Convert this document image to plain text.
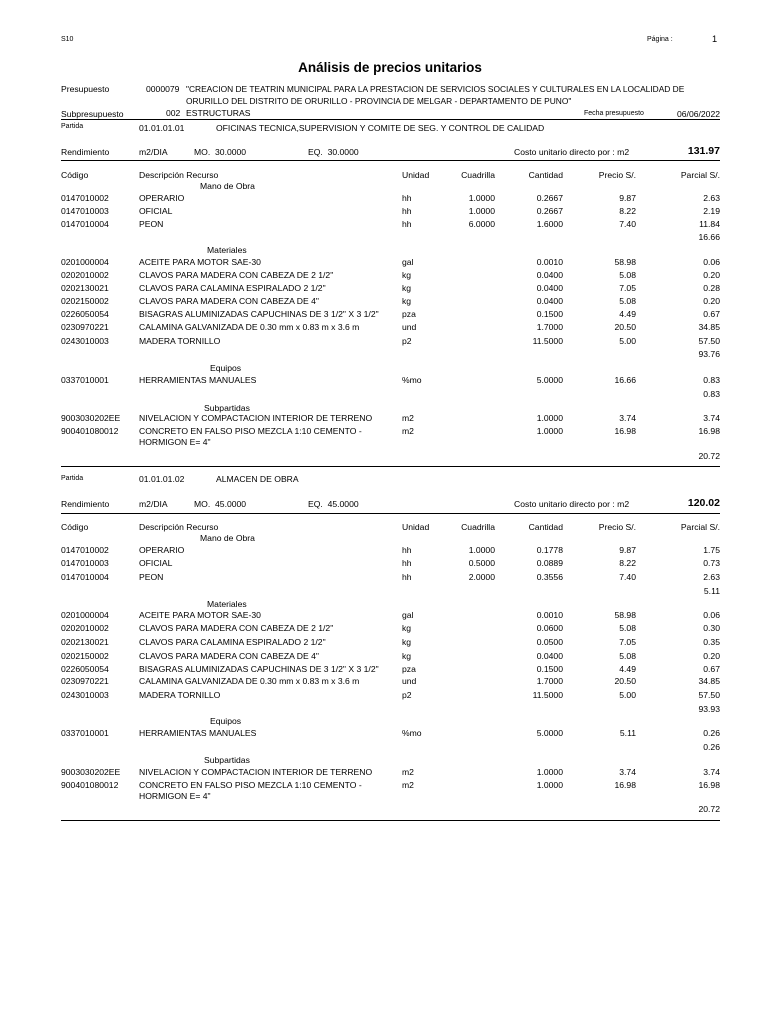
S10	Página :	1
Análisis de precios unitarios
Presupuesto	0000079 "CREACION DE TEATRIN MUNICIPAL PARA LA PRESTACION DE SERVICIOS SOCIALES Y CULTURALES EN LA LOCALIDAD DE
ORURILLO DEL DISTRITO DE ORURILLO - PROVINCIA DE MELGAR - DEPARTAMENTO DE PUNO"
Subpresupuesto	002 ESTRUCTURAS	Fecha presupuesto	06/06/2022
Partida	01.01.01.01	OFICINAS TECNICA,SUPERVISION Y COMITE DE SEG. Y CONTROL DE CALIDAD
Rendimiento	m2/DIA	MO.  30.0000	EQ.  30.0000	Costo unitario directo por : m2	131.97
Código	Descripción Recurso	Unidad	Cuadrilla	Cantidad	Precio S/.	Parcial S/.
Mano de Obra
0147010002	OPERARIO	hh	1.0000	0.2667	9.87	2.63
0147010003	OFICIAL	hh	1.0000	0.2667	8.22	2.19
0147010004	PEON	hh	6.0000	1.6000	7.40	11.84
16.66
Materiales
0201000004	ACEITE PARA MOTOR SAE-30	gal	0.0010	58.98	0.06
0202010002	CLAVOS PARA MADERA CON CABEZA DE 2 1/2"	kg	0.0400	5.08	0.20
0202130021	CLAVOS PARA CALAMINA ESPIRALADO 2 1/2"	kg	0.0400	7.05	0.28
0202150002	CLAVOS PARA MADERA CON CABEZA DE 4"	kg	0.0400	5.08	0.20
0226050054	BISAGRAS ALUMINIZADAS CAPUCHINAS DE 3 1/2" X 3 1/2"	pza	0.1500	4.49	0.67
0230970221	CALAMINA GALVANIZADA DE 0.30 mm x 0.83 m x 3.6 m	und	1.7000	20.50	34.85
0243010003	MADERA TORNILLO	p2	11.5000	5.00	57.50
93.76
Equipos
0337010001	HERRAMIENTAS MANUALES	%mo	5.0000	16.66	0.83
0.83
Subpartidas
9003030202EE NIVELACION Y COMPACTACION INTERIOR DE TERRENO	m2	1.0000	3.74	3.74
900401080012 CONCRETO EN FALSO PISO MEZCLA 1:10 CEMENTO -
HORMIGON E= 4"
m2	1.0000	16.98	16.98
20.72
Partida	01.01.01.02	ALMACEN DE OBRA
Rendimiento	m2/DIA	MO.  45.0000	EQ.  45.0000	Costo unitario directo por : m2	120.02
Código	Descripción Recurso	Unidad	Cuadrilla	Cantidad	Precio S/.	Parcial S/.
Mano de Obra
0147010002	OPERARIO	hh	1.0000	0.1778	9.87	1.75
0147010003	OFICIAL	hh	0.5000	0.0889	8.22	0.73
0147010004	PEON	hh	2.0000	0.3556	7.40	2.63
5.11
Materiales
0201000004	ACEITE PARA MOTOR SAE-30	gal	0.0010	58.98	0.06
0202010002	CLAVOS PARA MADERA CON CABEZA DE 2 1/2"	kg	0.0600	5.08	0.30
0202130021	CLAVOS PARA CALAMINA ESPIRALADO 2 1/2"	kg	0.0500	7.05	0.35
0202150002	CLAVOS PARA MADERA CON CABEZA DE 4"	kg	0.0400	5.08	0.20
0226050054	BISAGRAS ALUMINIZADAS CAPUCHINAS DE 3 1/2" X 3 1/2"	pza	0.1500	4.49	0.67
0230970221	CALAMINA GALVANIZADA DE 0.30 mm x 0.83 m x 3.6 m	und	1.7000	20.50	34.85
0243010003	MADERA TORNILLO	p2	11.5000	5.00	57.50
93.93
Equipos
0337010001	HERRAMIENTAS MANUALES	%mo	5.0000	5.11	0.26
0.26
Subpartidas
9003030202EE NIVELACION Y COMPACTACION INTERIOR DE TERRENO	m2	1.0000	3.74	3.74
900401080012 CONCRETO EN FALSO PISO MEZCLA 1:10 CEMENTO -
HORMIGON E= 4"
m2	1.0000	16.98	16.98
20.72
